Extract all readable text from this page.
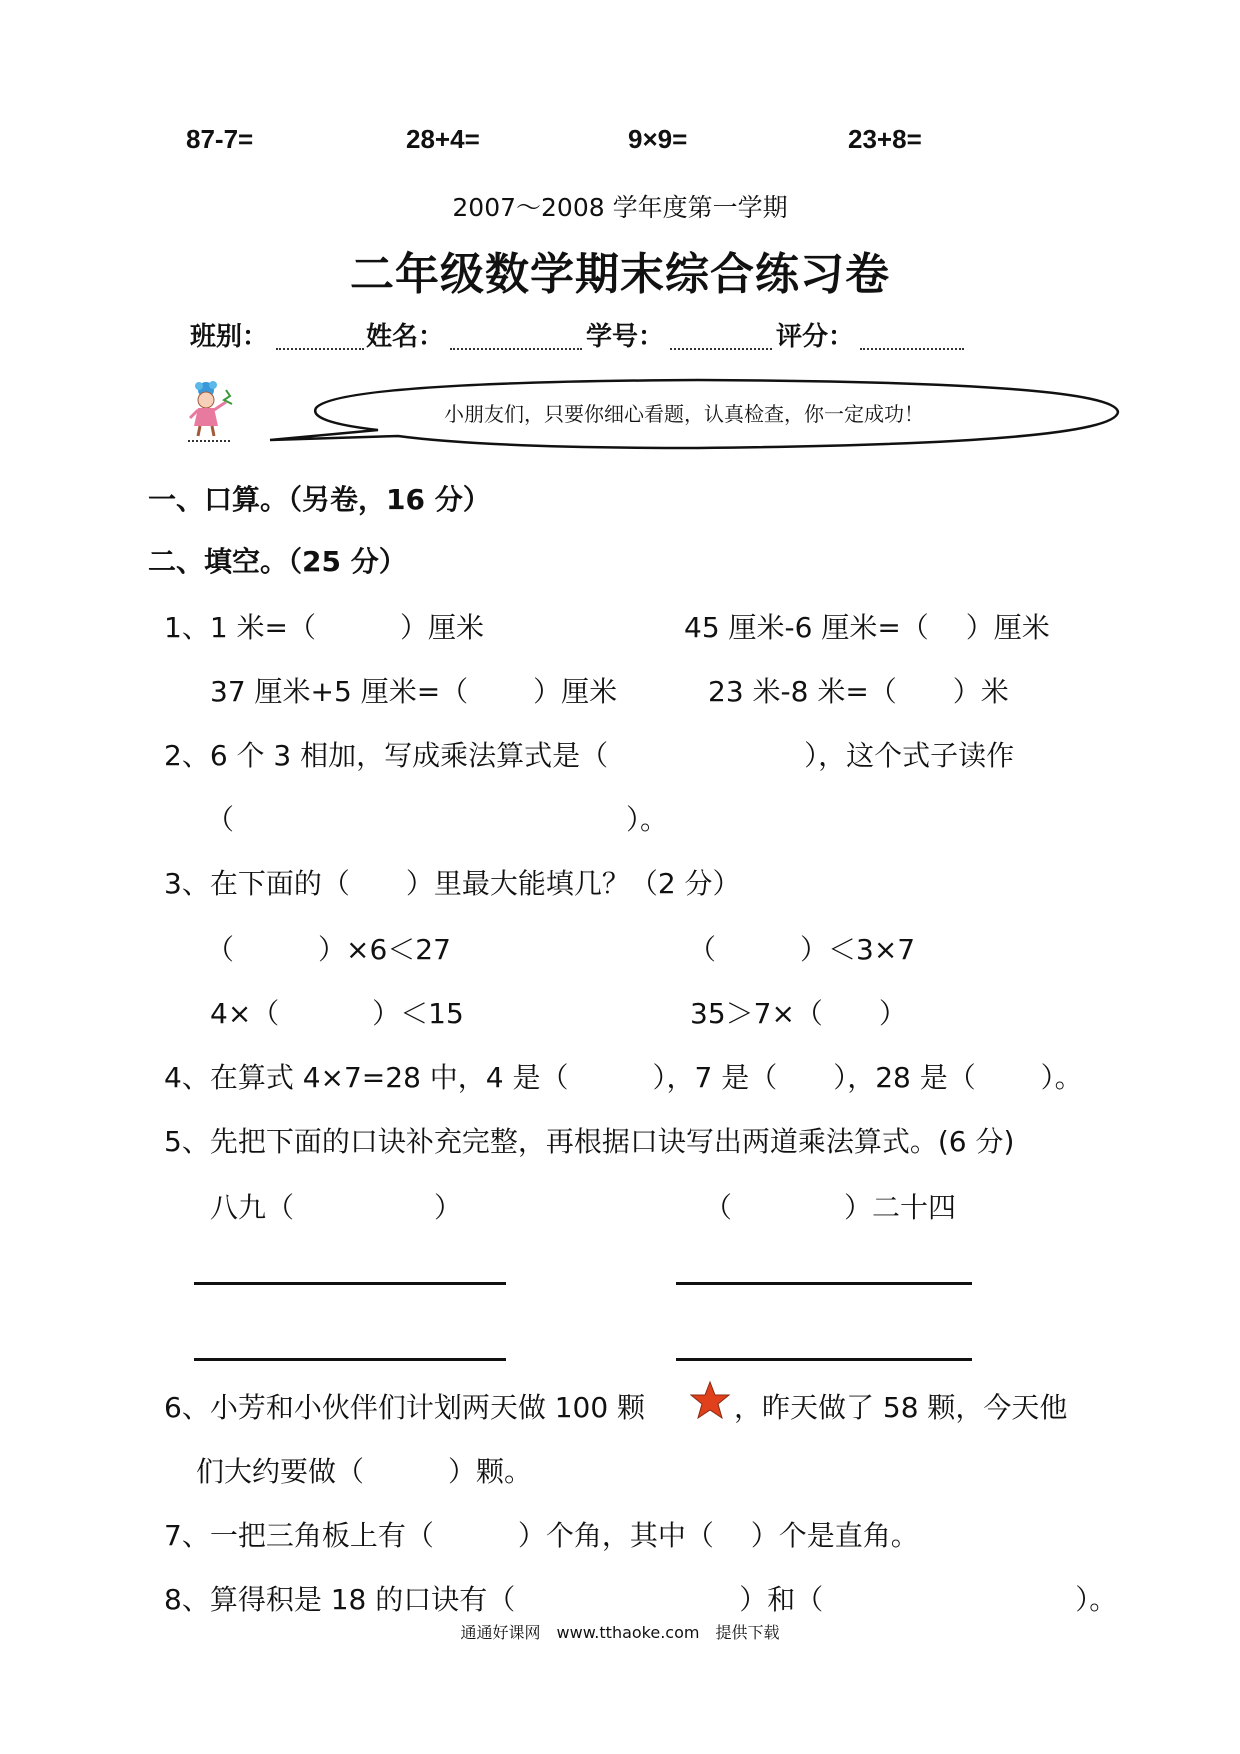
87-7=	28+4=	9×9=	23+8=
2007～2008 学年度第一学期
二年级数学期末综合练习卷
班别：	姓名：	学号：	评分：
小朋友们，只要你细心看题，认真检查，你一定成功！
一、口算。（另卷，16 分）
二、填空。（25 分）
1、1 米=（　　　）厘米	45 厘米-6 厘米=（　 ）厘米
37 厘米+5 厘米=（　　 ）厘米	23 米-8 米=（　　）米
2、6 个 3 相加，写成乘法算式是（　　　　　　　），这个式子读作
（　　　　　　　　　　　　　　）。
3、在下面的（　　）里最大能填几？（2 分）
（　　　）×6＜27	（　　　）＜3×7
4×（　　　 ）＜15	35＞7×（　　）
4、在算式 4×7=28 中，4 是（　　　），7 是（　　），28 是（　　 ）。
5、先把下面的口诀补充完整，再根据口诀写出两道乘法算式。(6 分)
八九（　　　　　）	（　　　　）二十四
6、小芳和小伙伴们计划两天做 100 颗	，昨天做了 58 颗，今天他
们大约要做（　　　）颗。
7、一把三角板上有（　　　）个角，其中（　 ）个是直角。
8、算得积是 18 的口诀有（　　　　　　　　）和（　　　　　　　　　）。
通通好课网　www.tthaoke.com　提供下载
